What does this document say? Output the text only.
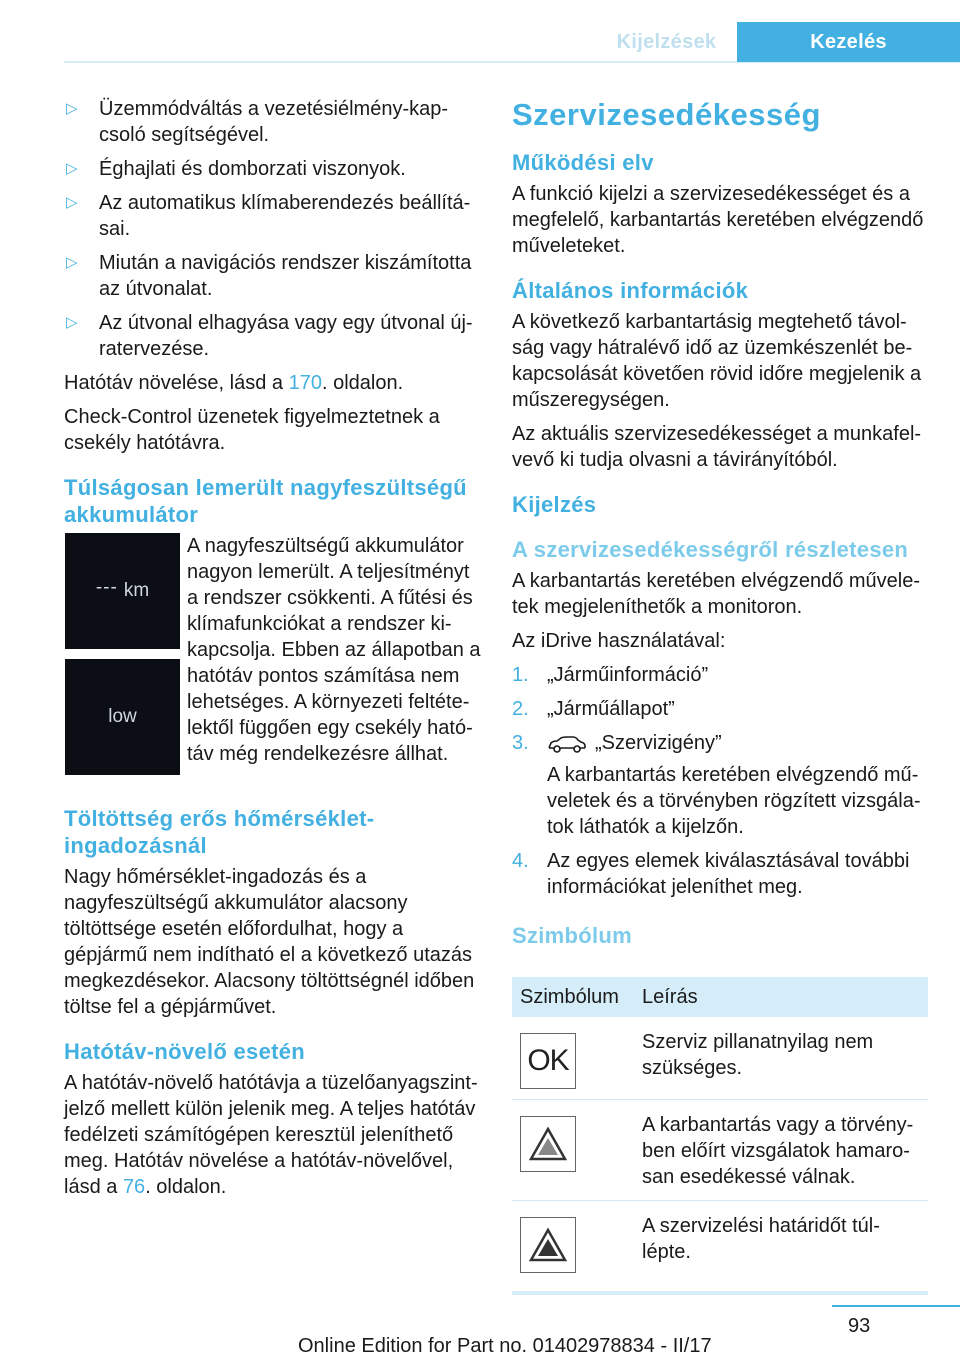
Kijelzések	Kezelés
▷ Üzemmódváltás a vezetésiélmény-kapcsoló segítségével.
▷ Éghajlati és domborzati viszonyok.
▷ Az automatikus klímaberendezés beállításai.
▷ Miután a navigációs rendszer kiszámította az útvonalat.
▷ Az útvonal elhagyása vagy egy útvonal újratervezése.

Hatótáv növelése, lásd a 170. oldalon.

Check-Control üzenetek figyelmeztetnek a csekély hatótávra.

Túlságosan lemerült nagyfeszültségű akkumulátor
--- km
low
A nagyfeszültségű akkumulátor nagyon lemerült. A teljesítményt a rendszer csökkenti. A fűtési és klímafunkciókat a rendszer kikapcsolja. Ebben az állapotban a hatótáv pontos számítása nem lehetséges. A környezeti feltételektől függően egy csekély hatótáv még rendelkezésre állhat.
Töltöttség erős hőmérséklet-ingadozásnál

Nagy hőmérséklet-ingadozás és a nagyfeszültségű akkumulátor alacsony töltöttsége esetén előfordulhat, hogy a gépjármű nem indítható el a következő utazás megkezdésekor. Alacsony töltöttségnél időben töltse fel a gépjárművet.

Hatótáv-növelő esetén

A hatótáv-növelő hatótávja a tüzelőanyagszintjelző mellett külön jelenik meg. A teljes hatótáv fedélzeti számítógépen keresztül jeleníthető meg. Hatótáv növelése a hatótáv-növelővel, lásd a 76. oldalon.

Szervizesedékesség
Működési elv

A funkció kijelzi a szervizesedékességet és a megfelelő, karbantartás keretében elvégzendő műveleteket.

Általános információk

A következő karbantartásig megtehető távolság vagy hátralévő idő az üzemkészenlét bekapcsolását követően rövid időre megjelenik a műszeregységen.

Az aktuális szervizesedékességet a munkafelvevő ki tudja olvasni a távirányítóból.

Kijelzés
A szervizesedékességről részletesen

A karbantartás keretében elvégzendő műveletek megjeleníthetők a monitoron.

Az iDrive használatával:

1. „Járműinformáció”
2. „Járműállapot”
3.	„Szervizigény”
A karbantartás keretében elvégzendő műveletek és a törvényben rögzített vizsgálatok láthatók a kijelzőn.
4. Az egyes elemek kiválasztásával további információkat jeleníthet meg.
Szimbólum
Szimbólum	Leírás

OK	Szerviz pillanatnyilag nem szükséges.

	A karbantartás vagy a törvényben előírt vizsgálatok hamarosan esedékessé válnak.

	A szervizelési határidőt túllépte.
93
Online Edition for Part no. 01402978834 - II/17
